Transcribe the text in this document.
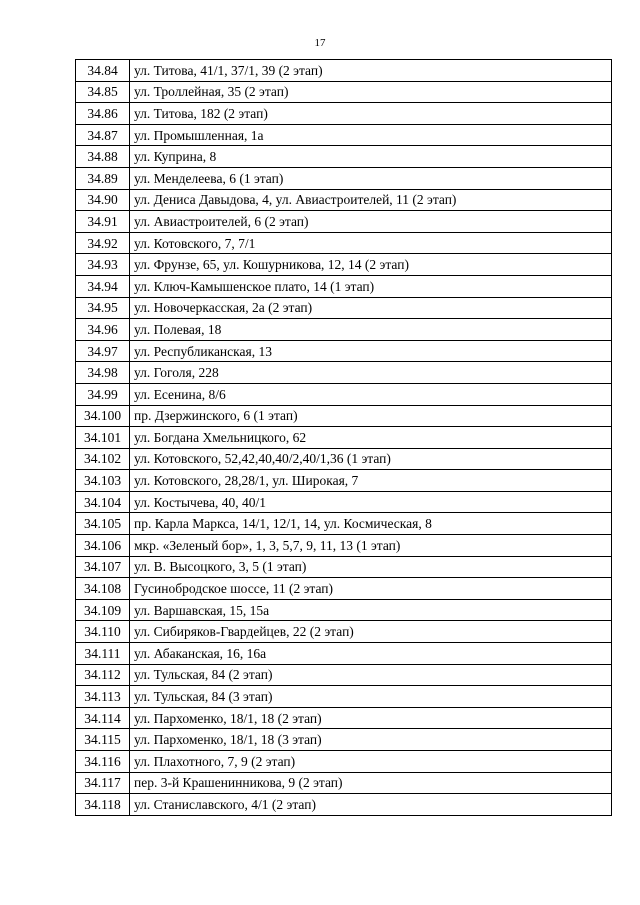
17
34.84	ул. Титова, 41/1, 37/1, 39 (2 этап)
34.85	ул. Троллейная, 35 (2 этап)
34.86	ул. Титова, 182 (2 этап)
34.87	ул. Промышленная, 1а
34.88	ул. Куприна, 8
34.89	ул. Менделеева, 6 (1 этап)
34.90	ул. Дениса Давыдова, 4, ул. Авиастроителей, 11 (2 этап)
34.91	ул. Авиастроителей, 6 (2 этап)
34.92	ул. Котовского, 7, 7/1
34.93	ул. Фрунзе, 65, ул. Кошурникова, 12, 14 (2 этап)
34.94	ул. Ключ-Камышенское плато, 14 (1 этап)
34.95	ул. Новочеркасская, 2а (2 этап)
34.96	ул. Полевая, 18
34.97	ул. Республиканская, 13
34.98	ул. Гоголя, 228
34.99	ул. Есенина, 8/6
34.100	пр. Дзержинского, 6 (1 этап)
34.101	ул. Богдана Хмельницкого, 62
34.102	ул. Котовского, 52,42,40,40/2,40/1,36 (1 этап)
34.103	ул. Котовского, 28,28/1, ул. Широкая, 7
34.104	ул. Костычева, 40, 40/1
34.105	пр. Карла Маркса, 14/1, 12/1, 14, ул. Космическая, 8
34.106	мкр. «Зеленый бор», 1, 3, 5,7, 9, 11, 13 (1 этап)
34.107	ул. В. Высоцкого, 3, 5 (1 этап)
34.108	Гусинобродское шоссе, 11 (2 этап)
34.109	ул. Варшавская, 15, 15а
34.110	ул. Сибиряков-Гвардейцев, 22 (2 этап)
34.111	ул. Абаканская, 16, 16а
34.112	ул. Тульская, 84 (2 этап)
34.113	ул. Тульская, 84 (3 этап)
34.114	ул. Пархоменко, 18/1, 18 (2 этап)
34.115	ул. Пархоменко, 18/1, 18 (3 этап)
34.116	ул. Плахотного, 7, 9 (2 этап)
34.117	пер. 3-й Крашенинникова, 9 (2 этап)
34.118	ул. Станиславского, 4/1 (2 этап)
